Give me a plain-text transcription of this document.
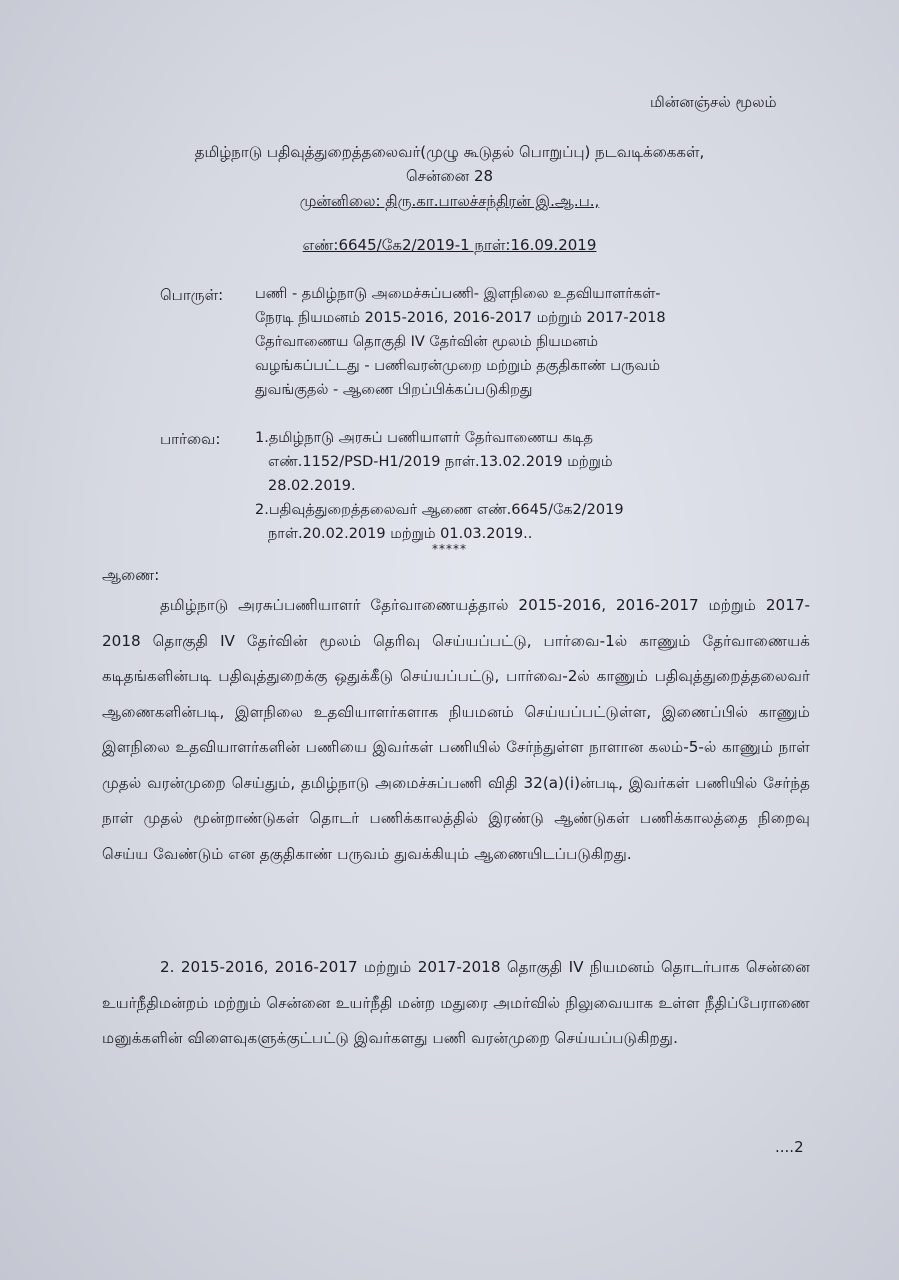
மின்னஞ்சல் மூலம்
தமிழ்நாடு பதிவுத்துறைத்தலைவர்(முழு கூடுதல் பொறுப்பு) நடவடிக்கைகள்,
சென்னை 28
முன்னிலை: திரு.கா.பாலச்சந்திரன் இ.ஆ.ப.,
எண்:6645/கே2/2019-1 நாள்:16.09.2019
பொருள்: பணி - தமிழ்நாடு அமைச்சுப்பணி- இளநிலை உதவியாளர்கள்-
நேரடி நியமனம் 2015-2016, 2016-2017 மற்றும் 2017-2018
தேர்வாணைய தொகுதி IV தேர்வின் மூலம் நியமனம்
வழங்கப்பட்டது - பணிவரன்முறை மற்றும் தகுதிகாண் பருவம்
துவங்குதல் - ஆணை பிறப்பிக்கப்படுகிறது
பார்வை: 1.தமிழ்நாடு அரசுப் பணியாளர் தேர்வாணைய கடித
எண்.1152/PSD-H1/2019 நாள்.13.02.2019 மற்றும்
28.02.2019.
2.பதிவுத்துறைத்தலைவர் ஆணை எண்.6645/கே2/2019
நாள்.20.02.2019 மற்றும் 01.03.2019..
*****
ஆணை:
தமிழ்நாடு அரசுப்பணியாளர் தேர்வாணையத்தால் 2015-2016, 2016-2017 மற்றும் 2017-2018 தொகுதி IV தேர்வின் மூலம் தெரிவு செய்யப்பட்டு, பார்வை-1ல் காணும் தேர்வாணையக் கடிதங்களின்படி பதிவுத்துறைக்கு ஒதுக்கீடு செய்யப்பட்டு, பார்வை-2ல் காணும் பதிவுத்துறைத்தலைவர் ஆணைகளின்படி, இளநிலை உதவியாளர்களாக நியமனம் செய்யப்பட்டுள்ள, இணைப்பில் காணும் இளநிலை உதவியாளர்களின் பணியை இவர்கள் பணியில் சேர்ந்துள்ள நாளான கலம்-5-ல் காணும் நாள் முதல் வரன்முறை செய்தும், தமிழ்நாடு அமைச்சுப்பணி விதி 32(a)(i)ன்படி, இவர்கள் பணியில் சேர்ந்த நாள் முதல் மூன்றாண்டுகள் தொடர் பணிக்காலத்தில் இரண்டு ஆண்டுகள் பணிக்காலத்தை நிறைவு செய்ய வேண்டும் என தகுதிகாண் பருவம் துவக்கியும் ஆணையிடப்படுகிறது.
2. 2015-2016, 2016-2017 மற்றும் 2017-2018 தொகுதி IV நியமனம் தொடர்பாக சென்னை உயர்நீதிமன்றம் மற்றும் சென்னை உயர்நீதி மன்ற மதுரை அமர்வில் நிலுவையாக உள்ள நீதிப்பேராணை மனுக்களின் விளைவுகளுக்குட்பட்டு இவர்களது பணி வரன்முறை செய்யப்படுகிறது.
....2
